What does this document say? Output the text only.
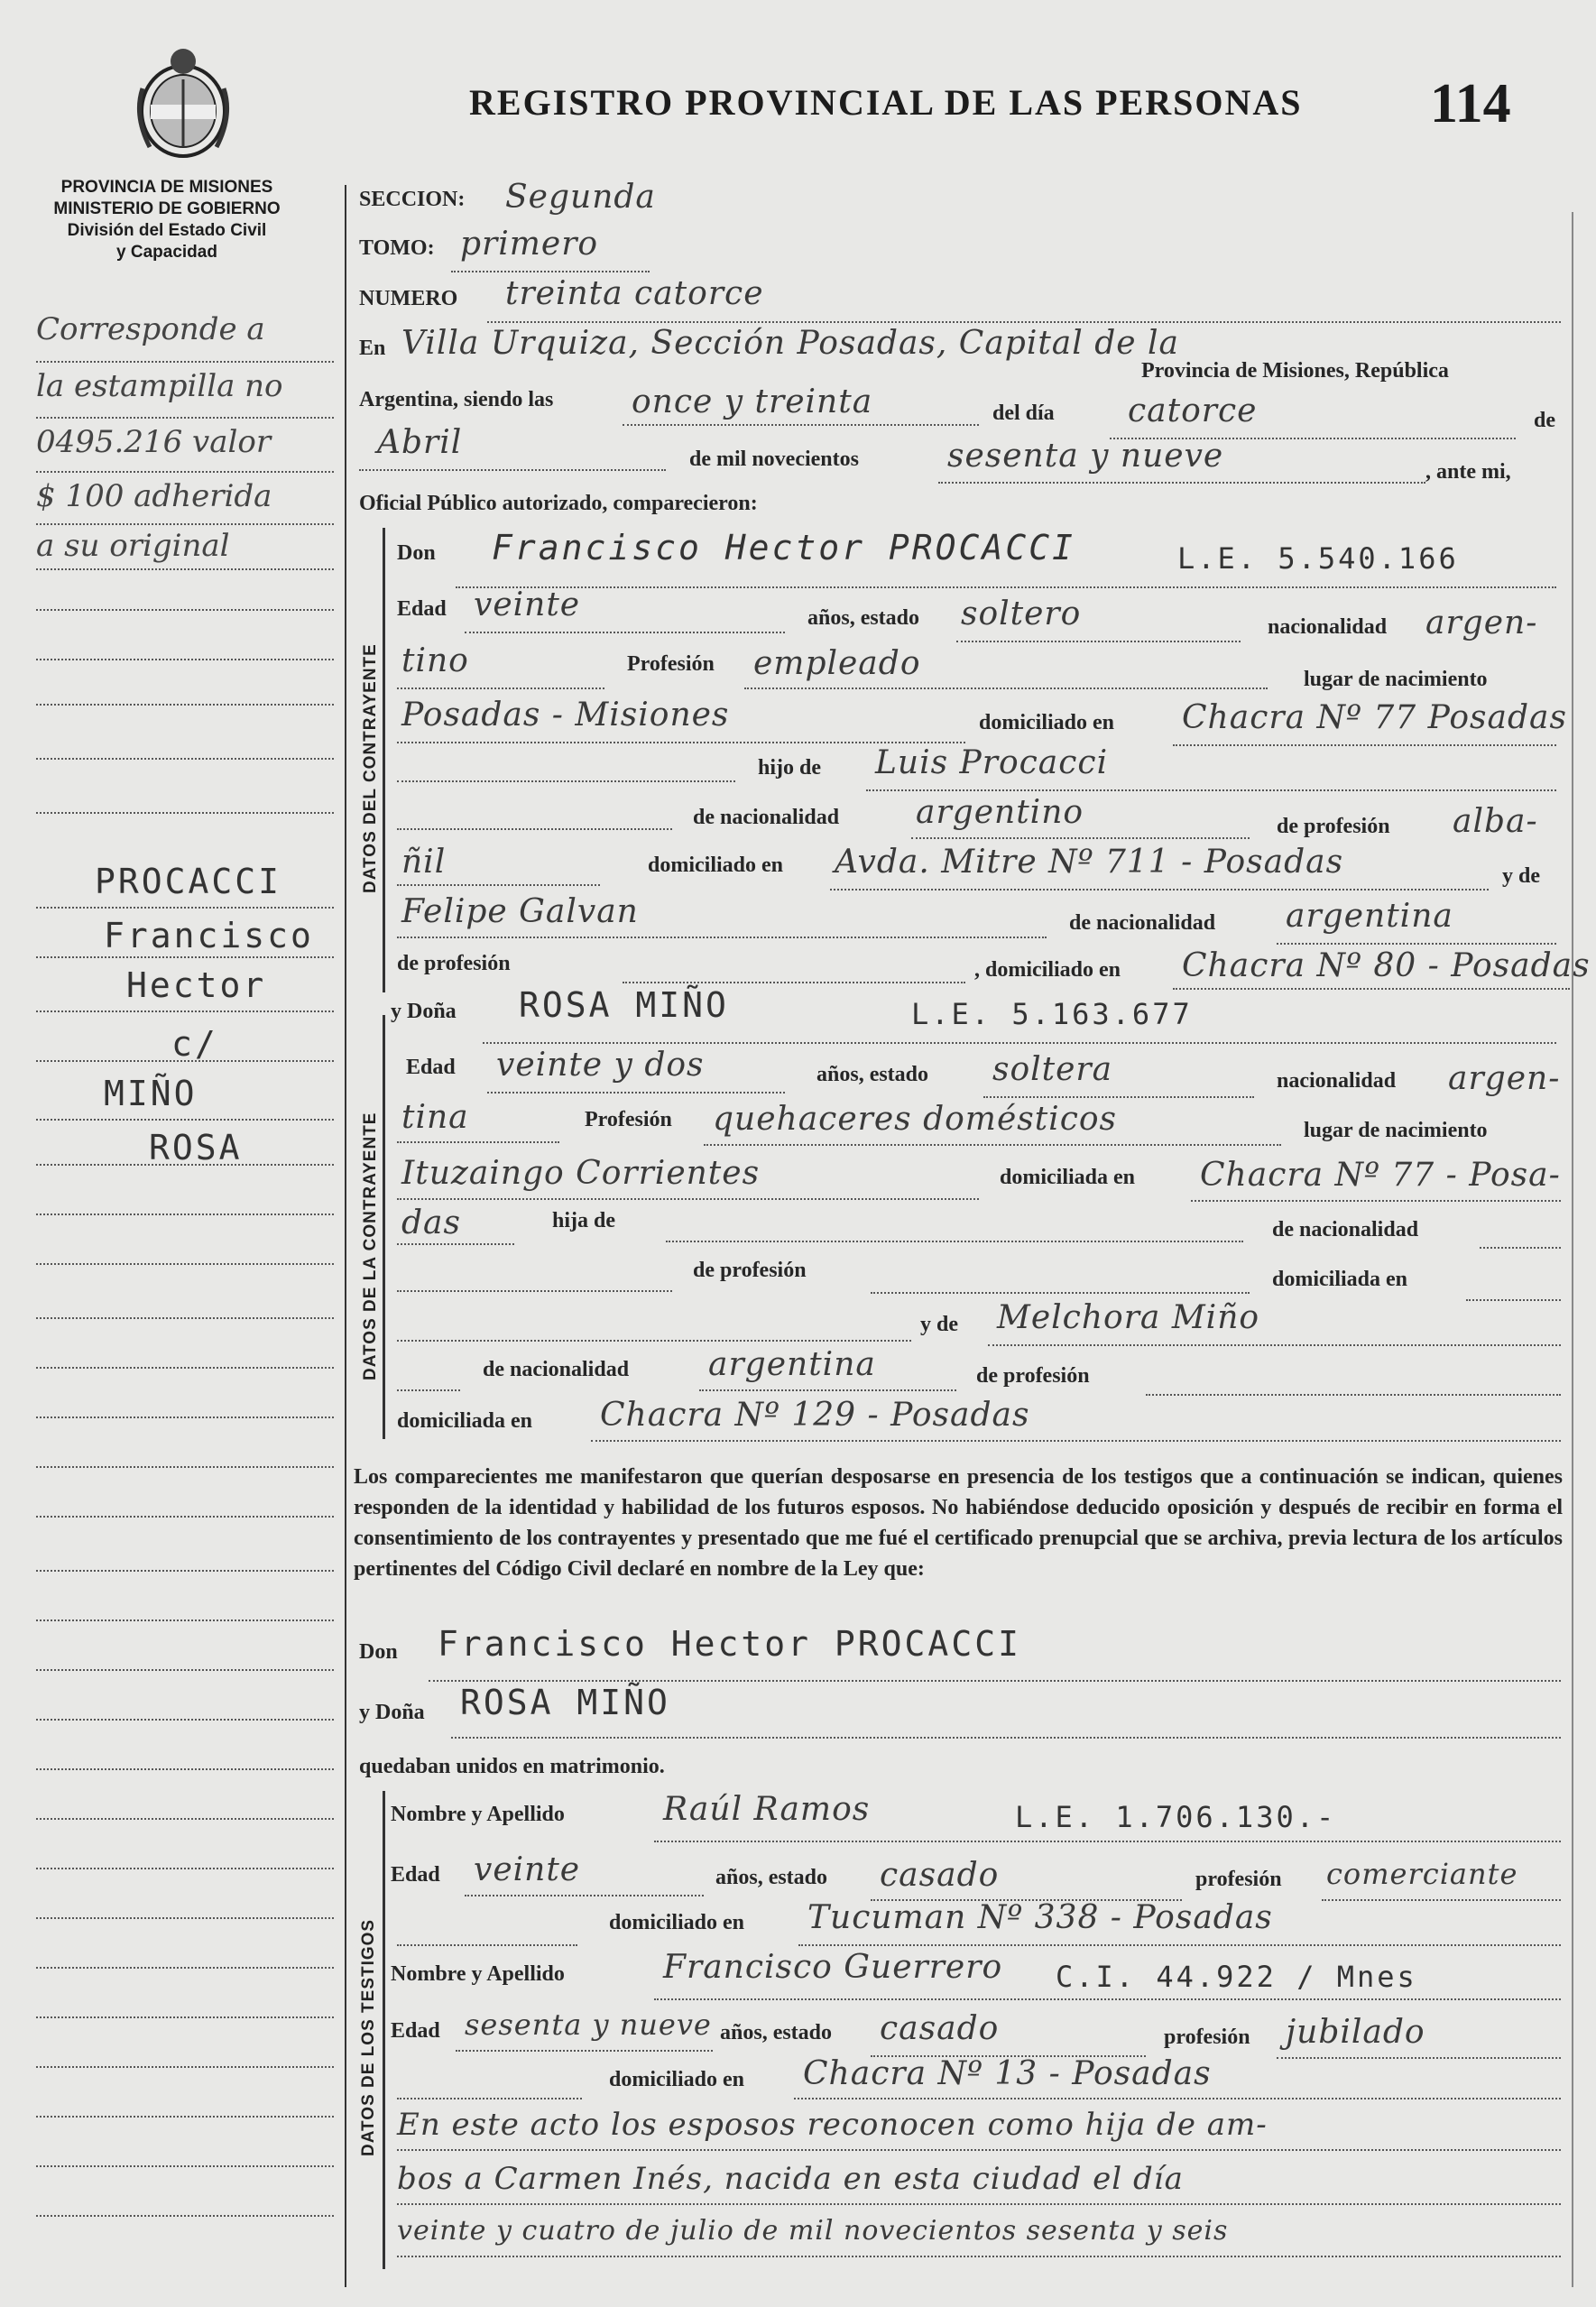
REGISTRO PROVINCIAL DE LAS PERSONAS 114
PROVINCIA DE MISIONES
MINISTERIO DE GOBIERNO
División del Estado Civil
y Capacidad
Corresponde a
la estampilla no
0495.216 valor
$ 100 adherida
a su original
PROCACCI
Francisco
Hector
c/
MIÑO
ROSA
SECCION: Segunda
TOMO: primero
NUMERO treinta catorce
En Villa Urquiza, Sección Posadas, Capital de la
Provincia de Misiones, República
Argentina, siendo las once y treinta	del día catorce	de
Abril	de mil novecientos	sesenta y nueve	, ante mi,
Oficial Público autorizado, comparecieron:
DATOS DEL CONTRAYENTE
Don Francisco Hector PROCACCI	L.E. 5.540.166
Edad veinte	años, estado soltero	nacionalidad argen-
tino	Profesión empleado	lugar de nacimiento
Posadas - Misiones	domiciliado en Chacra Nº 77 Posadas
hijo de Luis Procacci
de nacionalidad argentino	de profesión alba-
ñil	domiciliado en Avda. Mitre Nº 711 - Posadas	y de
Felipe Galvan	de nacionalidad argentina
de profesión	, domiciliado en Chacra Nº 80 - Posadas
DATOS DE LA CONTRAYENTE
y Doña ROSA MIÑO	L.E. 5.163.677
Edad veinte y dos	años, estado soltera	nacionalidad argen-
tina	Profesión quehaceres domésticos	lugar de nacimiento
Ituzaingo Corrientes	domiciliada en Chacra Nº 77 - Posa-
das	hija de	de nacionalidad
de profesión	domiciliada en
y de Melchora Miño
de nacionalidad argentina	de profesión
domiciliada en Chacra Nº 129 - Posadas
Los comparecientes me manifestaron que querían desposarse en presencia de los testigos que a continuación se indican, quienes responden de la identidad y habilidad de los futuros esposos. No habiéndose deducido oposición y después de recibir en forma el consentimiento de los contrayentes y presentado que me fué el certificado prenupcial que se archiva, previa lectura de los artículos pertinentes del Código Civil declaré en nombre de la Ley que:
Don Francisco Hector PROCACCI
y Doña ROSA MIÑO
quedaban unidos en matrimonio.
DATOS DE LOS TESTIGOS
Nombre y Apellido	Raúl Ramos	L.E. 1.706.130.-
Edad veinte	años, estado casado	profesión comerciante
domiciliado en Tucuman Nº 338 - Posadas
Nombre y Apellido	Francisco Guerrero C.I. 44.922 / Mnes
Edad sesenta y nueve años, estado casado	profesión jubilado
domiciliado en Chacra Nº 13 - Posadas
En este acto los esposos reconocen como hija de am-
bos a Carmen Inés, nacida en esta ciudad el día
veinte y cuatro de julio de mil novecientos sesenta y seis
